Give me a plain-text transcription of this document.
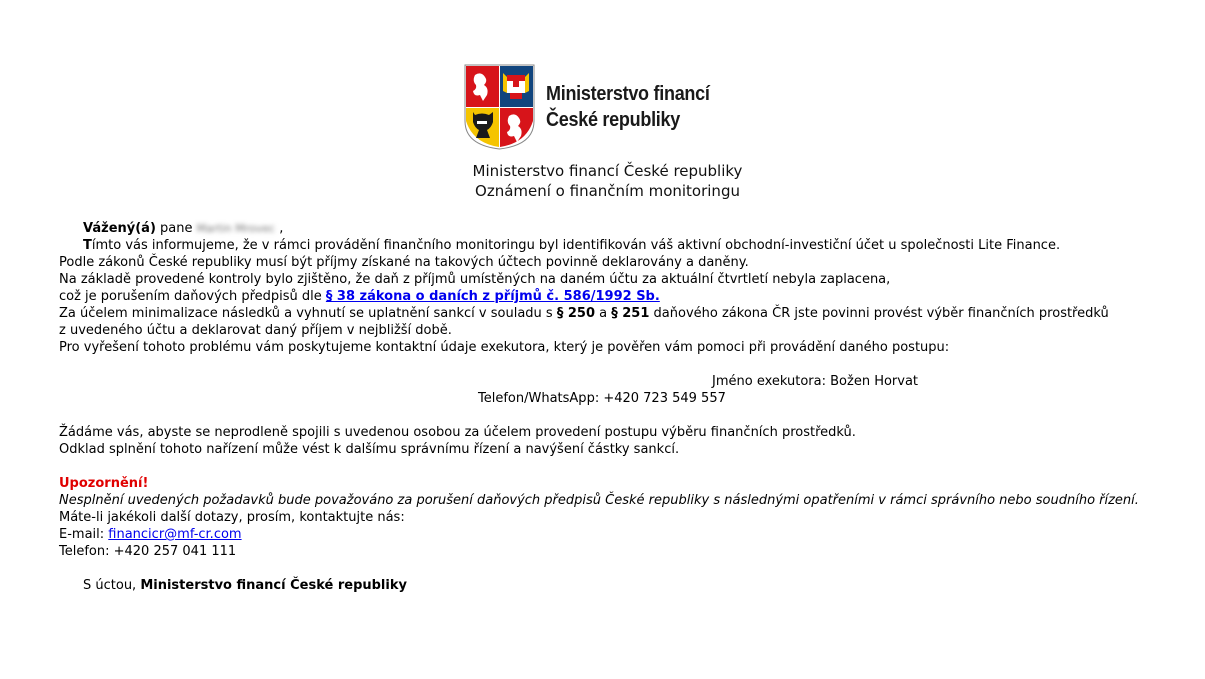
Ministerstvo financí
České republiky
Ministerstvo financí České republiky
Oznámení o finančním monitoringu
Vážený(á) pane Martin Mrovec ,
Tímto vás informujeme, že v rámci provádění finančního monitoringu byl identifikován váš aktivní obchodní-investiční účet u společnosti Lite Finance.
Podle zákonů České republiky musí být příjmy získané na takových účtech povinně deklarovány a daněny.
Na základě provedené kontroly bylo zjištěno, že daň z příjmů umístěných na daném účtu za aktuální čtvrtletí nebyla zaplacena,
což je porušením daňových předpisů dle § 38 zákona o daních z příjmů č. 586/1992 Sb.
Za účelem minimalizace následků a vyhnutí se uplatnění sankcí v souladu s § 250 a § 251 daňového zákona ČR jste povinni provést výběr finančních prostředků
z uvedeného účtu a deklarovat daný příjem v nejbližší době.
Pro vyřešení tohoto problému vám poskytujeme kontaktní údaje exekutora, který je pověřen vám pomoci při provádění daného postupu:
Jméno exekutora: Božen Horvat
Telefon/WhatsApp: +420 723 549 557
Žádáme vás, abyste se neprodleně spojili s uvedenou osobou za účelem provedení postupu výběru finančních prostředků.
Odklad splnění tohoto nařízení může vést k dalšímu správnímu řízení a navýšení částky sankcí.
Upozornění!
Nesplnění uvedených požadavků bude považováno za porušení daňových předpisů České republiky s následnými opatřeními v rámci správního nebo soudního řízení.
Máte-li jakékoli další dotazy, prosím, kontaktujte nás:
E-mail: financicr@mf-cr.com
Telefon: +420 257 041 111
S úctou, Ministerstvo financí České republiky
